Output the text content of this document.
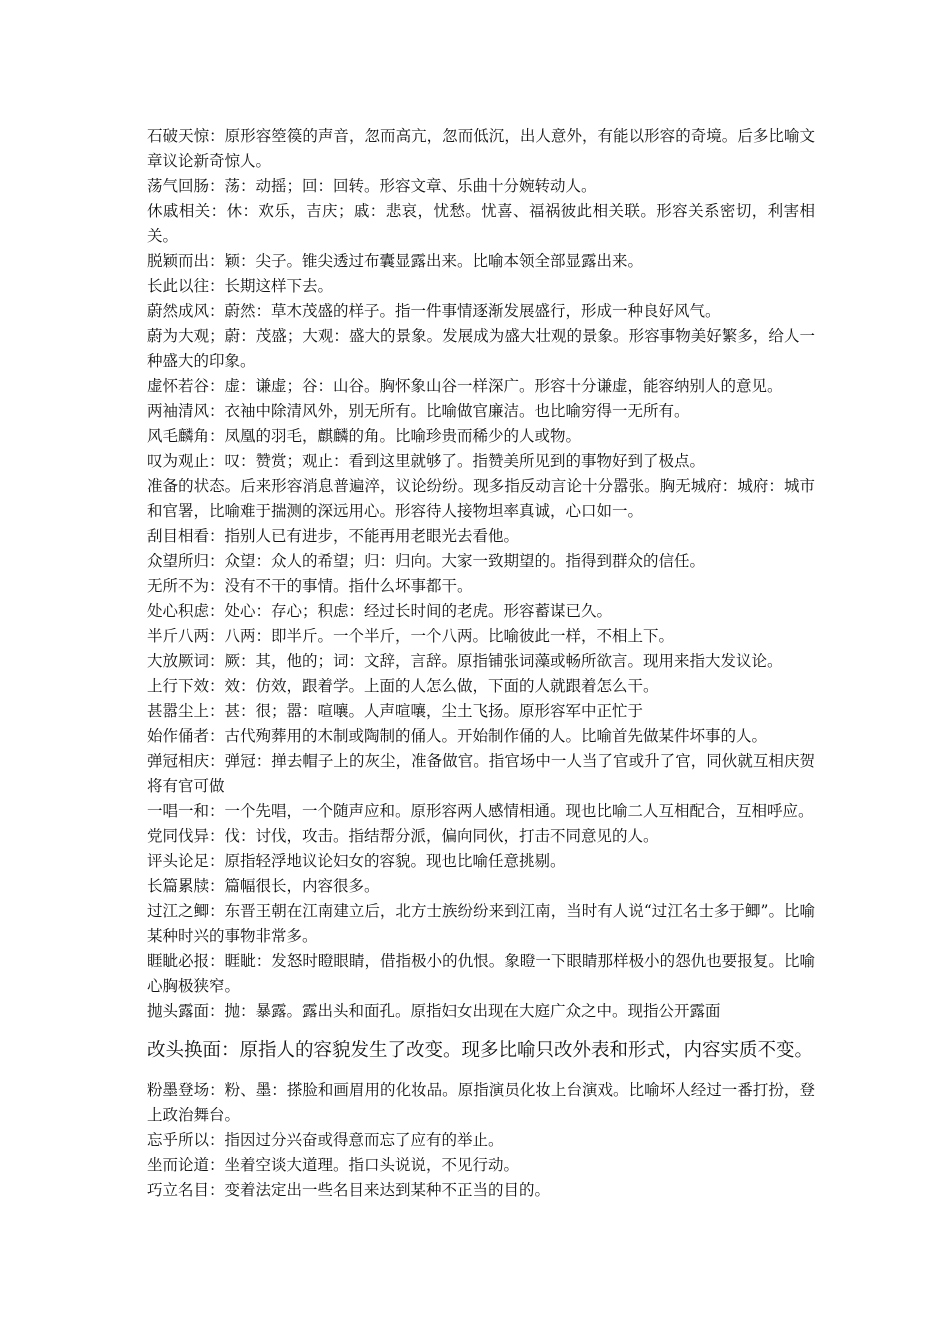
石破天惊：原形容箜篌的声音，忽而高亢，忽而低沉，出人意外，有能以形容的奇境。后多比喻文章议论新奇惊人。

荡气回肠：荡：动摇；回：回转。形容文章、乐曲十分婉转动人。

休戚相关：休：欢乐，吉庆；戚：悲哀，忧愁。忧喜、福祸彼此相关联。形容关系密切，利害相关。

脱颖而出：颖：尖子。锥尖透过布囊显露出来。比喻本领全部显露出来。

长此以往：长期这样下去。

蔚然成风：蔚然：草木茂盛的样子。指一件事情逐渐发展盛行，形成一种良好风气。

蔚为大观；蔚：茂盛；大观：盛大的景象。发展成为盛大壮观的景象。形容事物美好繁多，给人一种盛大的印象。

虚怀若谷：虚：谦虚；谷：山谷。胸怀象山谷一样深广。形容十分谦虚，能容纳别人的意见。

两袖清风：衣袖中除清风外，别无所有。比喻做官廉洁。也比喻穷得一无所有。

风毛麟角：凤凰的羽毛，麒麟的角。比喻珍贵而稀少的人或物。

叹为观止：叹：赞赏；观止：看到这里就够了。指赞美所见到的事物好到了极点。

准备的状态。后来形容消息普遍淬，议论纷纷。现多指反动言论十分嚣张。胸无城府：城府：城市和官署，比喻难于揣测的深远用心。形容待人接物坦率真诚，心口如一。

刮目相看：指别人已有进步，不能再用老眼光去看他。

众望所归：众望：众人的希望；归：归向。大家一致期望的。指得到群众的信任。

无所不为：没有不干的事情。指什么坏事都干。

处心积虑：处心：存心；积虑：经过长时间的老虎。形容蓄谋已久。

半斤八两：八两：即半斤。一个半斤，一个八两。比喻彼此一样，不相上下。

大放厥词：厥：其，他的；词：文辞，言辞。原指铺张词藻或畅所欲言。现用来指大发议论。

上行下效：效：仿效，跟着学。上面的人怎么做，下面的人就跟着怎么干。

甚嚣尘上：甚：很；嚣：喧嚷。人声喧嚷，尘土飞扬。原形容军中正忙于

始作俑者：古代殉葬用的木制或陶制的俑人。开始制作俑的人。比喻首先做某件坏事的人。

弹冠相庆：弹冠：掸去帽子上的灰尘，准备做官。指官场中一人当了官或升了官，同伙就互相庆贺将有官可做

一唱一和：一个先唱，一个随声应和。原形容两人感情相通。现也比喻二人互相配合，互相呼应。

党同伐异：伐：讨伐，攻击。指结帮分派，偏向同伙，打击不同意见的人。

评头论足：原指轻浮地议论妇女的容貌。现也比喻任意挑剔。

长篇累牍：篇幅很长，内容很多。

过江之鲫：东晋王朝在江南建立后，北方士族纷纷来到江南，当时有人说“过江名士多于鲫”。比喻某种时兴的事物非常多。

睚眦必报：睚眦：发怒时瞪眼睛，借指极小的仇恨。象瞪一下眼睛那样极小的怨仇也要报复。比喻心胸极狭窄。

抛头露面：抛：暴露。露出头和面孔。原指妇女出现在大庭广众之中。现指公开露面

改头换面：原指人的容貌发生了改变。现多比喻只改外表和形式，内容实质不变。

粉墨登场：粉、墨：搽脸和画眉用的化妆品。原指演员化妆上台演戏。比喻坏人经过一番打扮，登上政治舞台。

忘乎所以：指因过分兴奋或得意而忘了应有的举止。

坐而论道：坐着空谈大道理。指口头说说，不见行动。

巧立名目：变着法定出一些名目来达到某种不正当的目的。
